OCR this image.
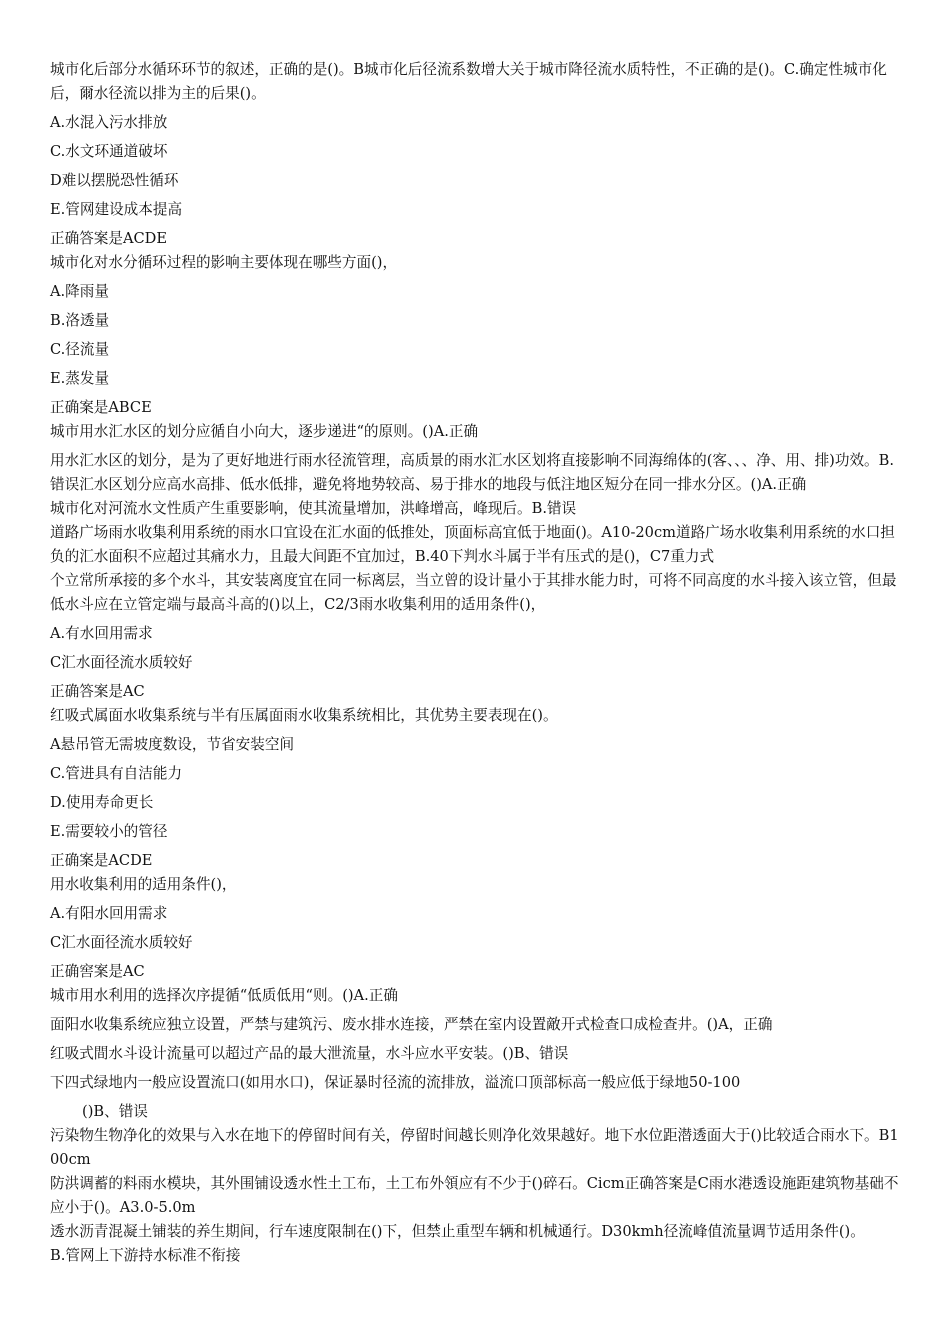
城市化后部分水循环环节的叙述，正确的是()。B城市化后径流系数增大关于城市降径流水质特性，不正确的是()。C.确定性城市化后，爾水径流以排为主的后果()。

A.水混入污水排放

C.水文环通道破坏

D难以摆脱恐性循环

E.管网建设成本提高

正确答案是ACDE

城市化对水分循环过程的影响主要体现在哪些方面()，

A.降雨量

B.洛透量

C.径流量

E.蒸发量

正确案是ABCE

城市用水汇水区的划分应循自小向大，逐步递进“的原则。()A.正确

用水汇水区的划分，是为了更好地进行雨水径流管理，高质景的雨水汇水区划将直接影响不同海绵体的(客、、、净、用、排)功效。B.错误汇水区划分应高水高排、低水低排，避免将地势较高、易于排水的地段与低注地区短分在同一排水分区。()A.正确

城市化对河流水文性质产生重要影响，使其流量增加，洪峰增高，峰现后。B.错误

道路广场雨水收集利用系统的雨水口宜设在汇水面的低推处，顶面标高宜低于地面()。A10-20cm道路广场水收集利用系统的水口担负的汇水面积不应超过其痛水力，且最大间距不宜加过，B.40下判水斗属于半有压式的是()，C7重力式

个立常所承接的多个水斗，其安装离度宜在同一标离层，当立曾的设计量小于其排水能力时，可将不同高度的水斗接入该立管，但最低水斗应在立管定端与最高斗高的()以上，C2/3雨水收集利用的适用条件()，

A.有水回用需求

C汇水面径流水质较好

正确答案是AC

红吸式属面水收集系统与半有压属面雨水收集系统相比，其优势主要表现在()。

A悬吊管无需坡度数设，节省安装空间

C.管进具有自洁能力

D.使用寿命更长

E.需要较小的管径

正确案是ACDE

用水收集利用的适用条件()，

A.有阳水回用需求

C汇水面径流水质较好

正确窖案是AC

城市用水利用的选择次序提循“低质低用“则。()A.正确

面阳水收集系统应独立设置，严禁与建筑污、废水排水连接，严禁在室内设置敵开式检查口成检查井。()A，正确

红吸式間水斗设计流量可以超过产品的最大泄流量，水斗应水平安装。()B、错误

下四式绿地内一般应设置流口(如用水口)，保证暴时径流的流排放，溢流口顶部标高一般应低于绿地50-100

()B、错误

污染物生物净化的效果与入水在地下的停留时间有关，停留时间越长则净化效果越好。地下水位距潜透面大于()比较适合雨水下。B100cm

防洪调蓄的料雨水模块，其外围铺设透水性土工布，土工布外領应有不少于()碎石。Cicm正确答案是C雨水港透设施距建筑物基础不应小于()。A3.0-5.0m

透水沥青混凝土铺装的养生期间，行车速度限制在()下，但禁止重型车辆和机械通行。D30kmh径流峰值流量调节适用条件()。

B.管网上下游持水标准不衔接
